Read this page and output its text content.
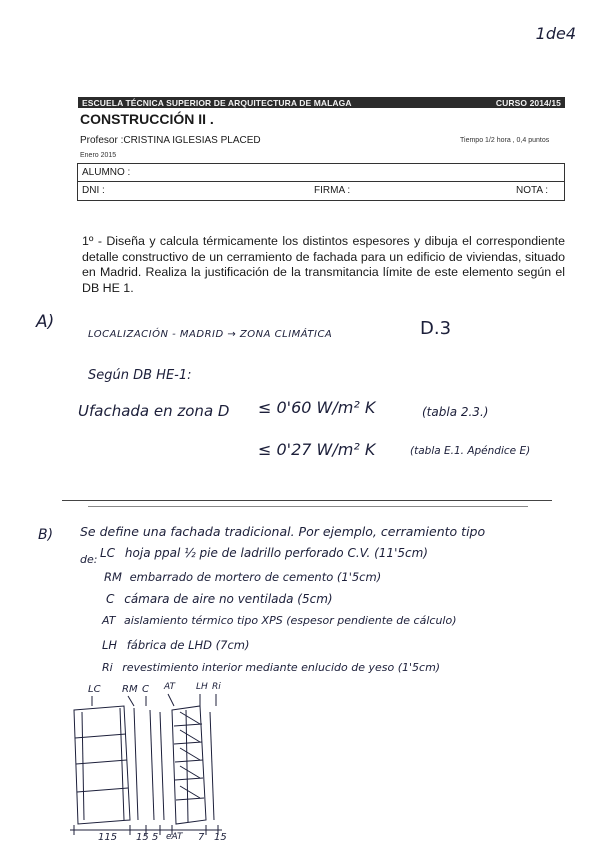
1de4
ESCUELA TÉCNICA SUPERIOR DE ARQUITECTURA DE MALAGA	CURSO 2014/15
CONSTRUCCIÓN II .
Profesor :CRISTINA IGLESIAS PLACED	Tiempo 1/2 hora , 0,4 puntos
Enero 2015
ALUMNO :
DNI :	FIRMA :	NOTA :
1º - Diseña y calcula térmicamente los distintos espesores y dibuja el correspondiente detalle constructivo de un cerramiento de fachada para un edificio de viviendas, situado en Madrid. Realiza la justificación de la transmitancia límite de este elemento según el DB HE 1.
A)
LOCALIZACIÓN - MADRID → ZONA CLIMÁTICA	D.3
Según DB HE-1:
Ufachada en zona D ≤ 0'60 W/m² K	(tabla 2.3.)
≤ 0'27 W/m² K	(tabla E.1. Apéndice E)
B) Se define una fachada tradicional. Por ejemplo, cerramiento tipo
de: LC hoja ppal ½ pie de ladrillo perforado C.V. (11'5cm)
RM embarrado de mortero de cemento (1'5cm)
C cámara de aire no ventilada (5cm)
AT aislamiento térmico tipo XPS (espesor pendiente de cálculo)
LH fábrica de LHD (7cm)
Ri revestimiento interior mediante enlucido de yeso (1'5cm)
LC RM C AT LH Ri
115 15 5 eAT 7 15
